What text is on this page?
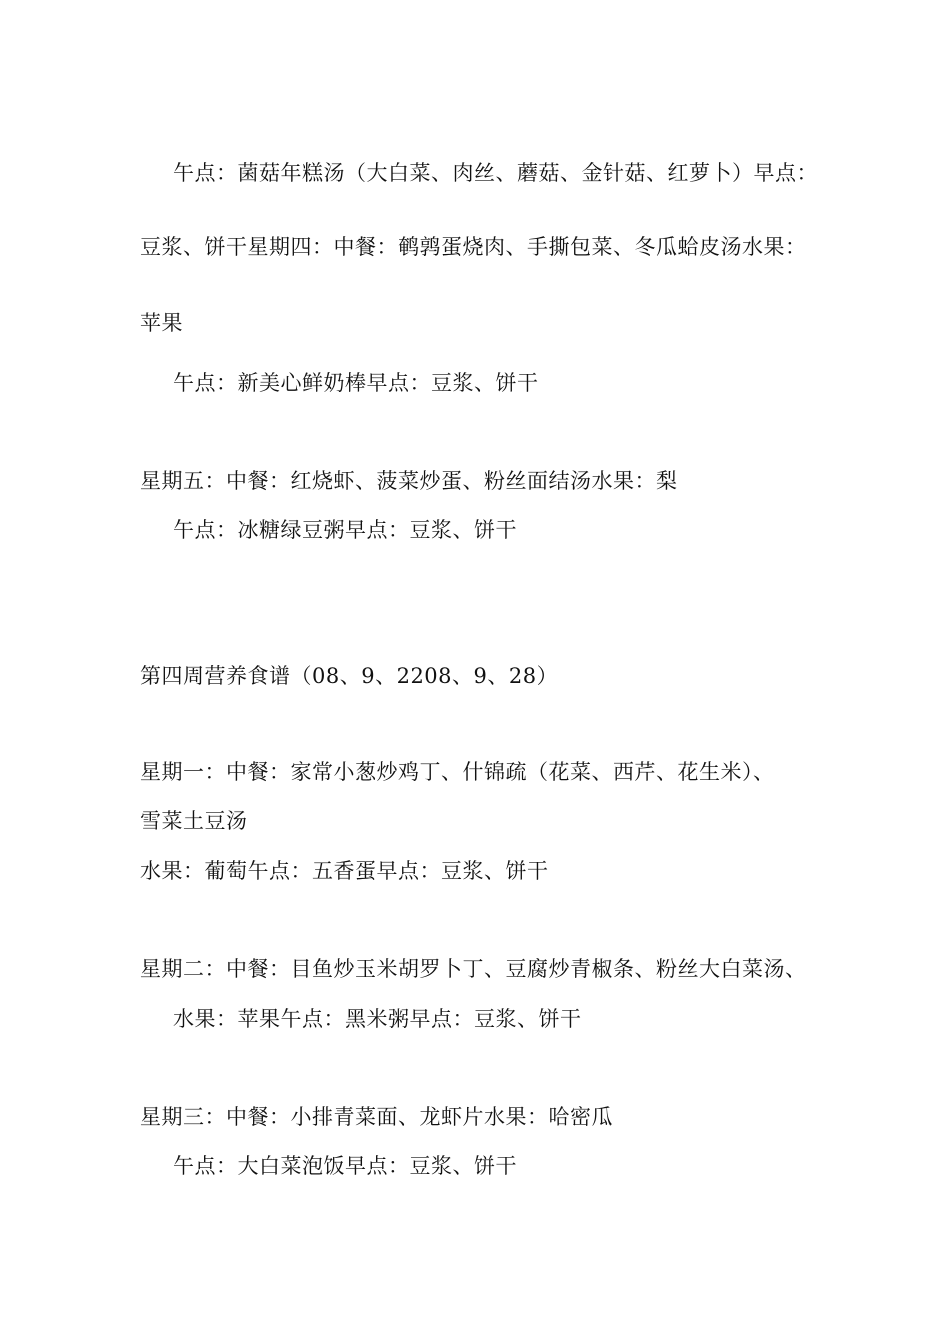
午点：菌菇年糕汤（大白菜、肉丝、蘑菇、金针菇、红萝卜）早点：
豆浆、饼干星期四：中餐：鹌鹑蛋烧肉、手撕包菜、冬瓜蛤皮汤水果：
苹果
午点：新美心鲜奶棒早点：豆浆、饼干
星期五：中餐：红烧虾、菠菜炒蛋、粉丝面结汤水果：梨
午点：冰糖绿豆粥早点：豆浆、饼干
第四周营养食谱（08、9、2208、9、28）
星期一：中餐：家常小葱炒鸡丁、什锦疏（花菜、西芹、花生米）、
雪菜土豆汤
水果：葡萄午点：五香蛋早点：豆浆、饼干
星期二：中餐：目鱼炒玉米胡罗卜丁、豆腐炒青椒条、粉丝大白菜汤、
水果：苹果午点：黑米粥早点：豆浆、饼干
星期三：中餐：小排青菜面、龙虾片水果：哈密瓜
午点：大白菜泡饭早点：豆浆、饼干
